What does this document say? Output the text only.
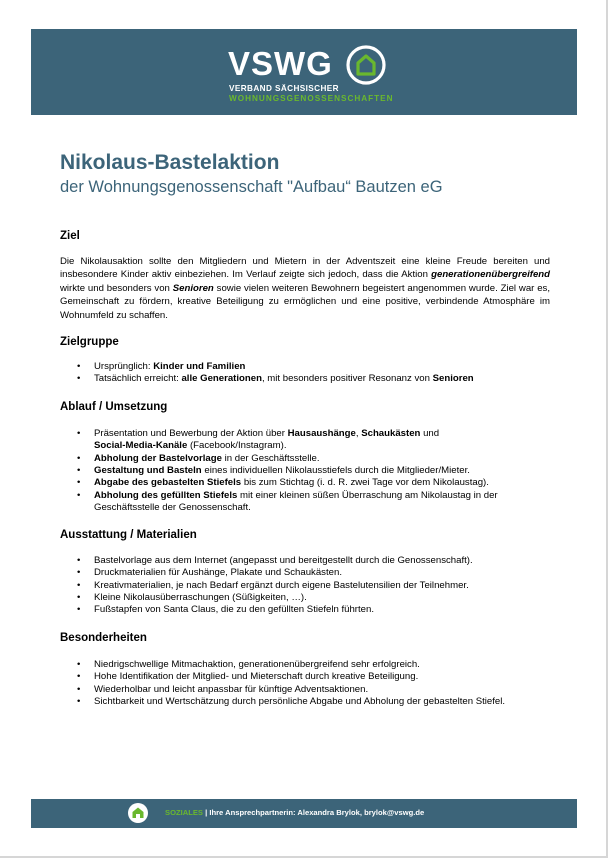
VSWG
VERBAND SÄCHSISCHER
WOHNUNGSGENOSSENSCHAFTEN
Nikolaus-Bastelaktion
der Wohnungsgenossenschaft "Aufbau“ Bautzen eG
Ziel

Die Nikolausaktion sollte den Mitgliedern und Mietern in der Adventszeit eine kleine Freude bereiten und insbesondere Kinder aktiv einbeziehen. Im Verlauf zeigte sich jedoch, dass die Aktion generationenübergreifend wirkte und besonders von Senioren sowie vielen weiteren Bewohnern begeistert angenommen wurde. Ziel war es, Gemeinschaft zu fördern, kreative Beteiligung zu ermöglichen und eine positive, verbindende Atmosphäre im Wohnumfeld zu schaffen.

Zielgruppe
• Ursprünglich: Kinder und Familien
• Tatsächlich erreicht: alle Generationen, mit besonders positiver Resonanz von Senioren
Ablauf / Umsetzung
• Präsentation und Bewerbung der Aktion über Hausaushänge, Schaukästen und
Social-Media-Kanäle (Facebook/Instagram).
• Abholung der Bastelvorlage in der Geschäftsstelle.
• Gestaltung und Basteln eines individuellen Nikolausstiefels durch die Mitglieder/Mieter.
• Abgabe des gebastelten Stiefels bis zum Stichtag (i. d. R. zwei Tage vor dem Nikolaustag).
• Abholung des gefüllten Stiefels mit einer kleinen süßen Überraschung am Nikolaustag in der Geschäftsstelle der Genossenschaft.
Ausstattung / Materialien
• Bastelvorlage aus dem Internet (angepasst und bereitgestellt durch die Genossenschaft).
• Druckmaterialien für Aushänge, Plakate und Schaukästen.
• Kreativmaterialien, je nach Bedarf ergänzt durch eigene Bastelutensilien der Teilnehmer.
• Kleine Nikolausüberraschungen (Süßigkeiten, …).
• Fußstapfen von Santa Claus, die zu den gefüllten Stiefeln führten.
Besonderheiten
• Niedrigschwellige Mitmachaktion, generationenübergreifend sehr erfolgreich.
• Hohe Identifikation der Mitglied- und Mieterschaft durch kreative Beteiligung.
• Wiederholbar und leicht anpassbar für künftige Adventsaktionen.
• Sichtbarkeit und Wertschätzung durch persönliche Abgabe und Abholung der gebastelten Stiefel.
SOZIALES | Ihre Ansprechpartnerin: Alexandra Brylok, brylok@vswg.de
